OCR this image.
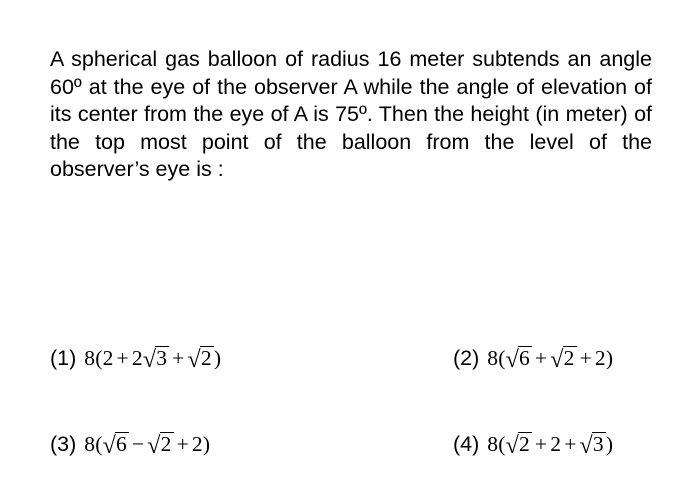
A spherical gas balloon of radius 16 meter subtends an angle 60º at the eye of the observer A while the angle of elevation of its center from the eye of A is 75º. Then the height (in meter) of the top most point of the balloon from the level of the observer’s eye is :

(1) 8(2 + 2 √ 3 + √ 2 )	(2) 8( √ 6 + √ 2 + 2)
(3) 8( √ 6 − √ 2 + 2)	(4) 8( √ 2 + 2 + √ 3 )
